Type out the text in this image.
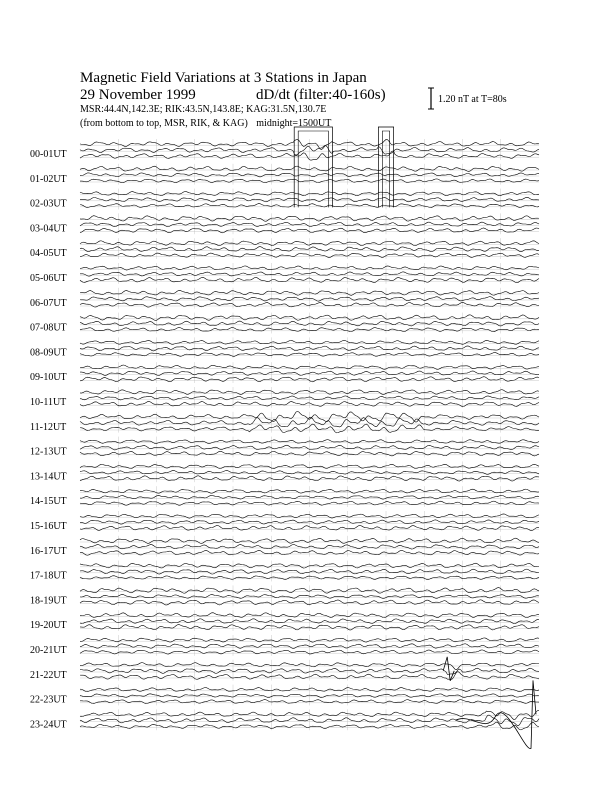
Magnetic Field Variations at 3 Stations in Japan
29 November 1999	dD/dt (filter:40-160s)
MSR:44.4N,142.3E; RIK:43.5N,143.8E; KAG:31.5N,130.7E
(from bottom to top, MSR, RIK, & KAG) midnight=1500UT
1.20 nT at T=80s
00-01UT
01-02UT
02-03UT
03-04UT
04-05UT
05-06UT
06-07UT
07-08UT
08-09UT
09-10UT
10-11UT
11-12UT
12-13UT
13-14UT
14-15UT
15-16UT
16-17UT
17-18UT
18-19UT
19-20UT
20-21UT
21-22UT
22-23UT
23-24UT
